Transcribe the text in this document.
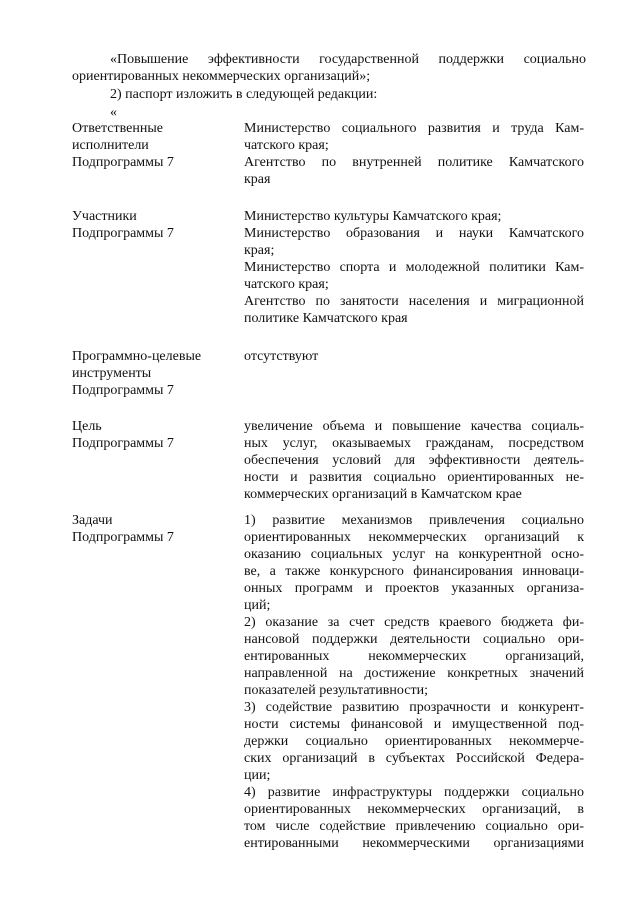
«Повышение эффективности государственной поддержки социально
ориентированных некоммерческих организаций»;
2) паспорт изложить в следующей редакции:
«
Ответственные
исполнители
Подпрограммы 7
Министерство социального развития и труда Кам-
чатского края;
Агентство по внутренней политике Камчатского
края
Участники
Подпрограммы 7
Министерство культуры Камчатского края;
Министерство образования и науки Камчатского
края;
Министерство спорта и молодежной политики Кам-
чатского края;
Агентство по занятости населения и миграционной
политике Камчатского края
Программно-целевые
инструменты
Подпрограммы 7
отсутствуют
Цель
Подпрограммы 7
увеличение объема и повышение качества социаль-
ных услуг, оказываемых гражданам, посредством
обеспечения условий для эффективности деятель-
ности и развития социально ориентированных не-
коммерческих организаций в Камчатском крае
Задачи
Подпрограммы 7
1) развитие механизмов привлечения социально
ориентированных некоммерческих организаций к
оказанию социальных услуг на конкурентной осно-
ве, а также конкурсного финансирования инноваци-
онных программ и проектов указанных организа-
ций;
2) оказание за счет средств краевого бюджета фи-
нансовой поддержки деятельности социально ори-
ентированных некоммерческих организаций,
направленной на достижение конкретных значений
показателей результативности;
3) содействие развитию прозрачности и конкурент-
ности системы финансовой и имущественной под-
держки социально ориентированных некоммерче-
ских организаций в субъектах Российской Федера-
ции;
4) развитие инфраструктуры поддержки социально
ориентированных некоммерческих организаций, в
том числе содействие привлечению социально ори-
ентированными некоммерческими организациями
